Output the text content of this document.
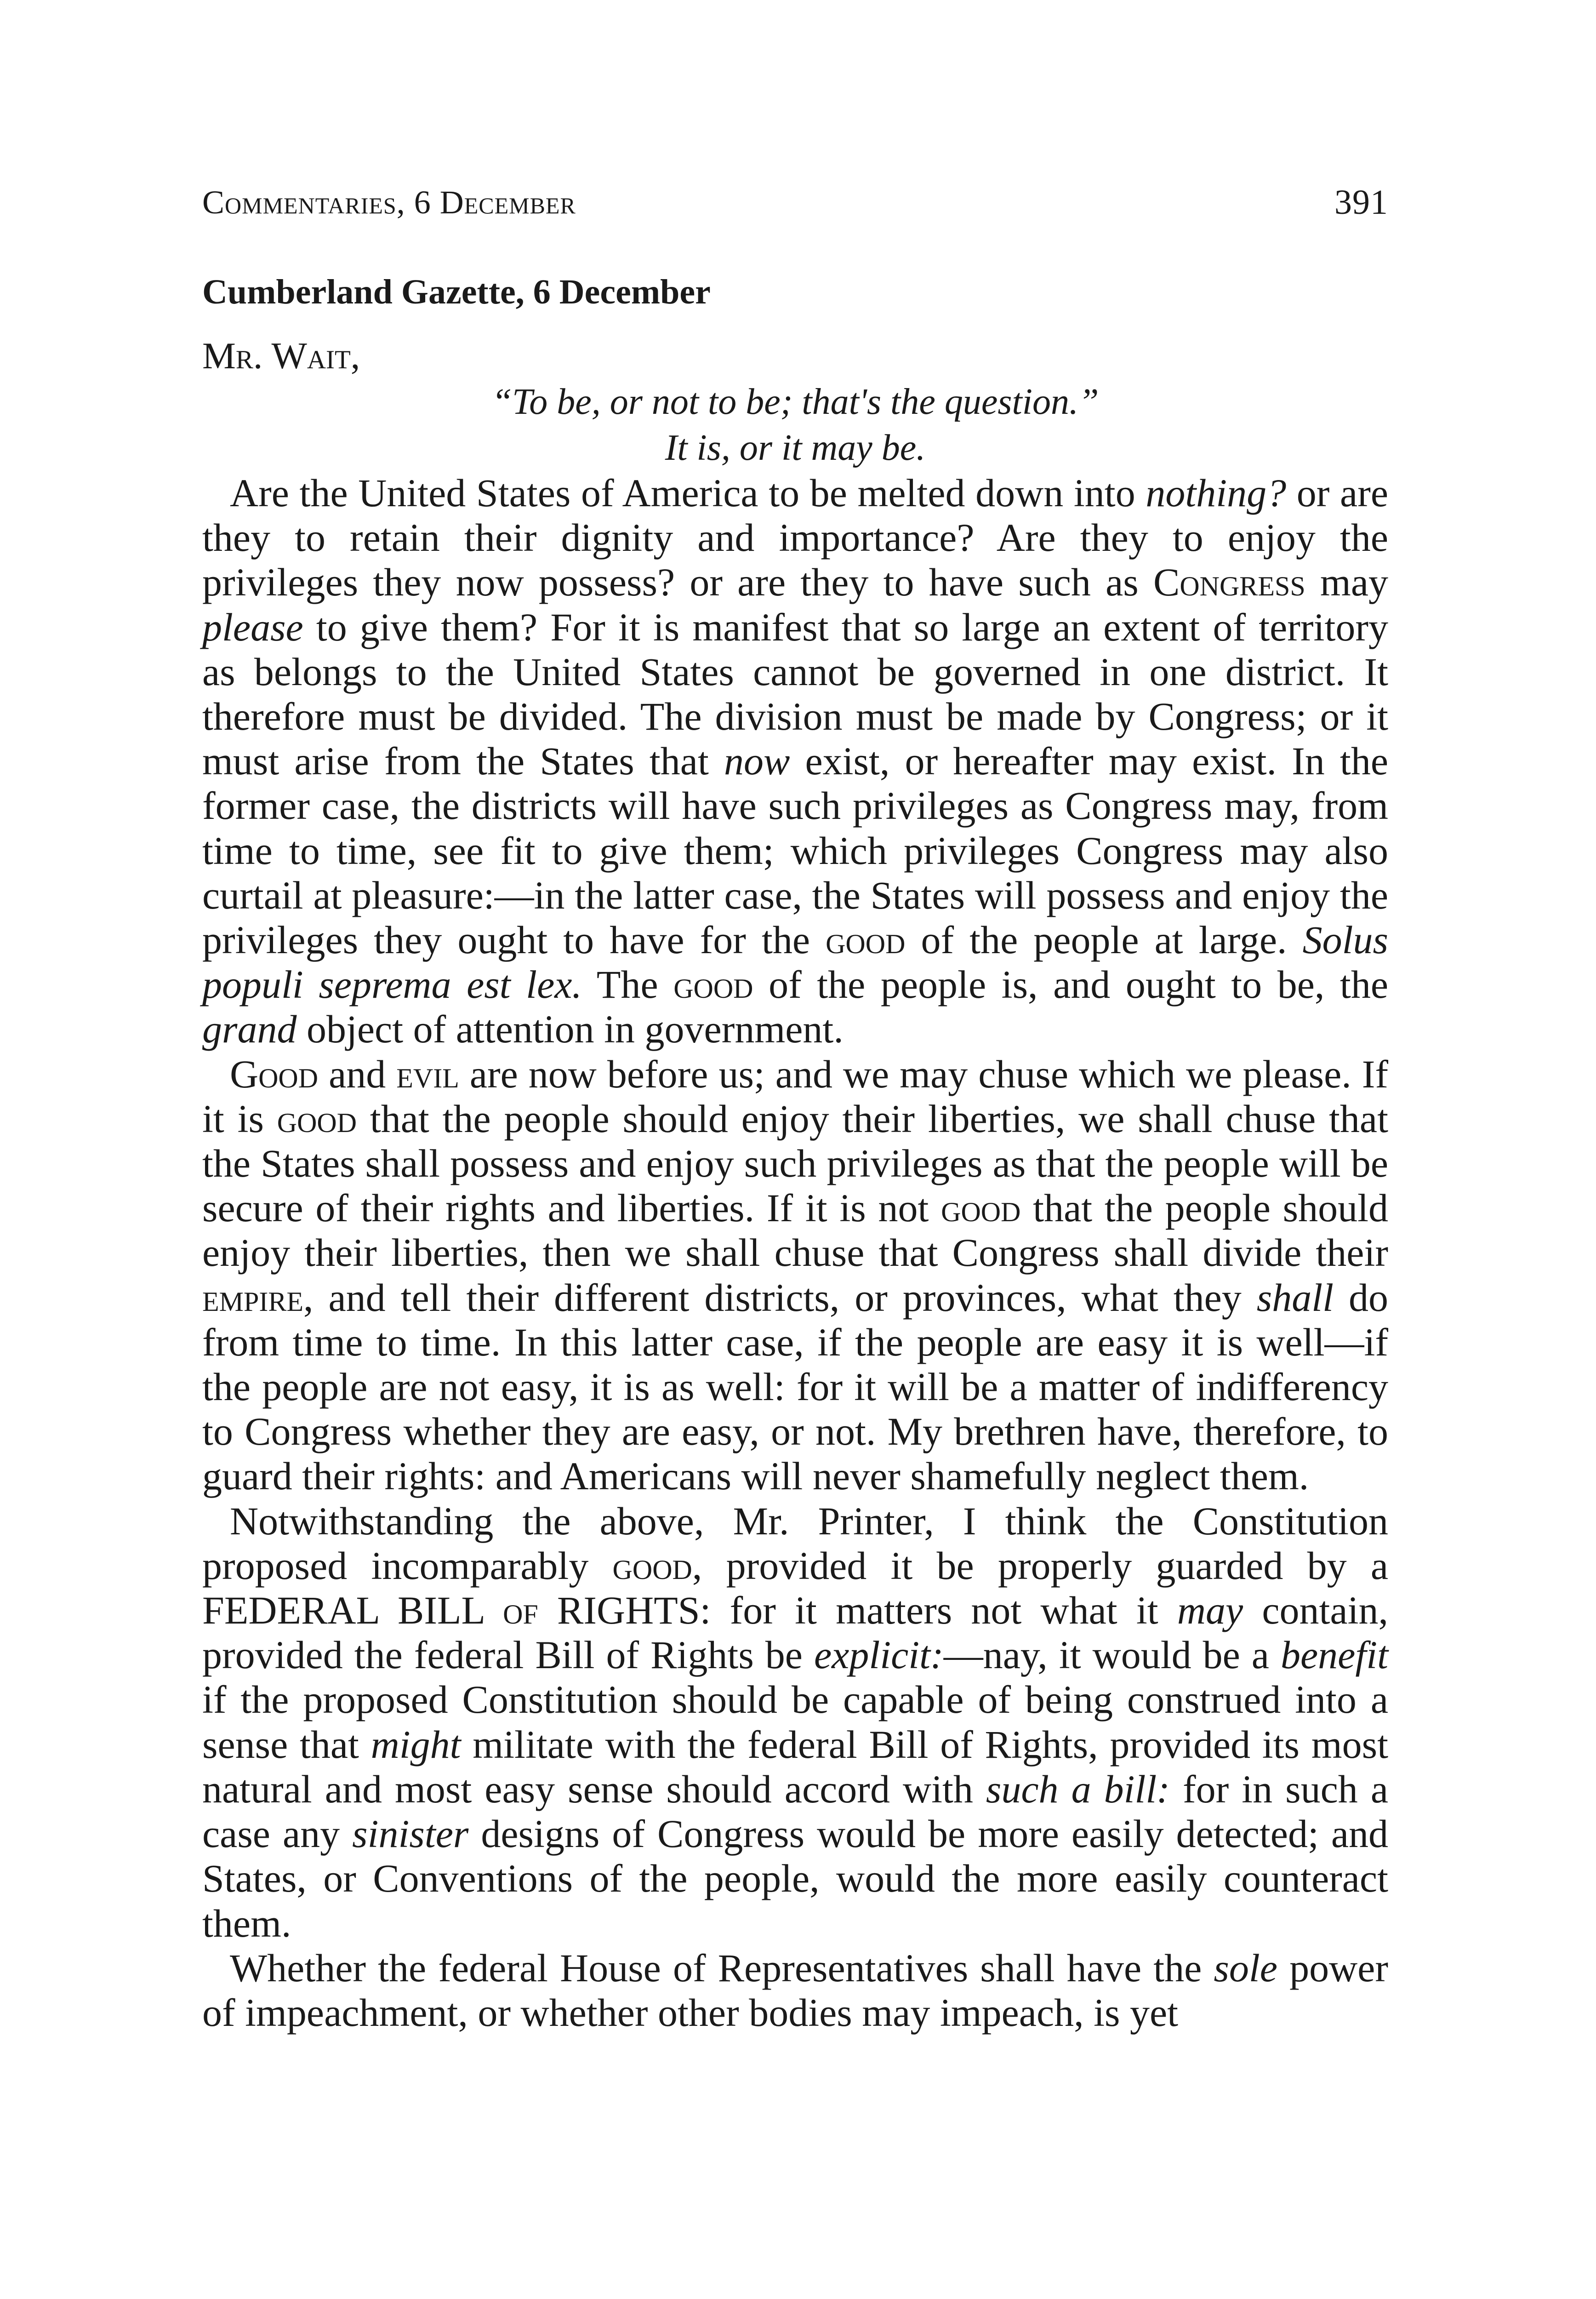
Commentaries, 6 December	391
Cumberland Gazette, 6 December
Mr. Wait,
“To be, or not to be; that's the question.”
It is, or it may be.

Are the United States of America to be melted down into nothing? or are they to retain their dignity and importance? Are they to enjoy the privileges they now possess? or are they to have such as Congress may please to give them? For it is manifest that so large an extent of territory as belongs to the United States cannot be governed in one district. It therefore must be divided. The division must be made by Congress; or it must arise from the States that now exist, or hereafter may exist. In the former case, the districts will have such privileges as Congress may, from time to time, see fit to give them; which privileges Congress may also curtail at pleasure:—in the latter case, the States will possess and enjoy the privileges they ought to have for the good of the people at large. Solus populi seprema est lex. The good of the people is, and ought to be, the grand object of attention in government.

Good and evil are now before us; and we may chuse which we please. If it is good that the people should enjoy their liberties, we shall chuse that the States shall possess and enjoy such privileges as that the people will be secure of their rights and liberties. If it is not good that the people should enjoy their liberties, then we shall chuse that Congress shall divide their empire, and tell their different districts, or provinces, what they shall do from time to time. In this latter case, if the people are easy it is well—if the people are not easy, it is as well: for it will be a matter of indifferency to Congress whether they are easy, or not. My brethren have, therefore, to guard their rights: and Americans will never shamefully neglect them.

Notwithstanding the above, Mr. Printer, I think the Constitution proposed incomparably good, provided it be properly guarded by a FEDERAL BILL of RIGHTS: for it matters not what it may contain, provided the federal Bill of Rights be explicit:—nay, it would be a benefit if the proposed Constitution should be capable of being construed into a sense that might militate with the federal Bill of Rights, provided its most natural and most easy sense should accord with such a bill: for in such a case any sinister designs of Congress would be more easily detected; and States, or Conventions of the people, would the more easily counteract them.

Whether the federal House of Representatives shall have the sole power of impeachment, or whether other bodies may impeach, is yet
